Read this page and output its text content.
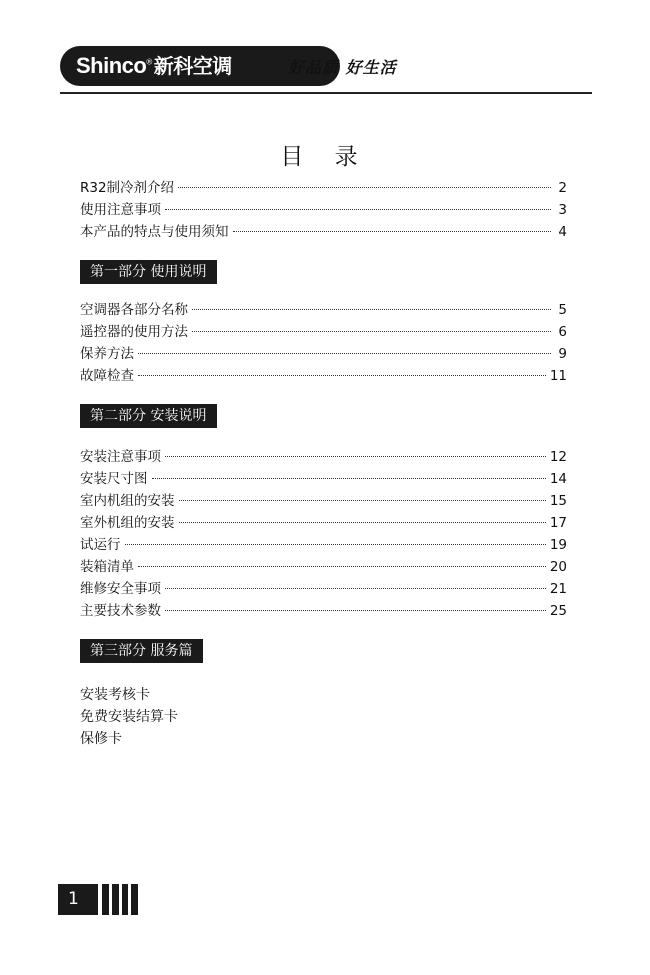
Shinco® 新科空调	好品质 好生活
目 录
R32制冷剂介绍	2
使用注意事项	3
本产品的特点与使用须知	4
第一部分 使用说明
空调器各部分名称	5
遥控器的使用方法	6
保养方法	9
故障检查	11
第二部分 安装说明
安装注意事项	12
安装尺寸图	14
室内机组的安装	15
室外机组的安装	17
试运行	19
装箱清单	20
维修安全事项	21
主要技术参数	25
第三部分 服务篇
安装考核卡
免费安装结算卡
保修卡
1
